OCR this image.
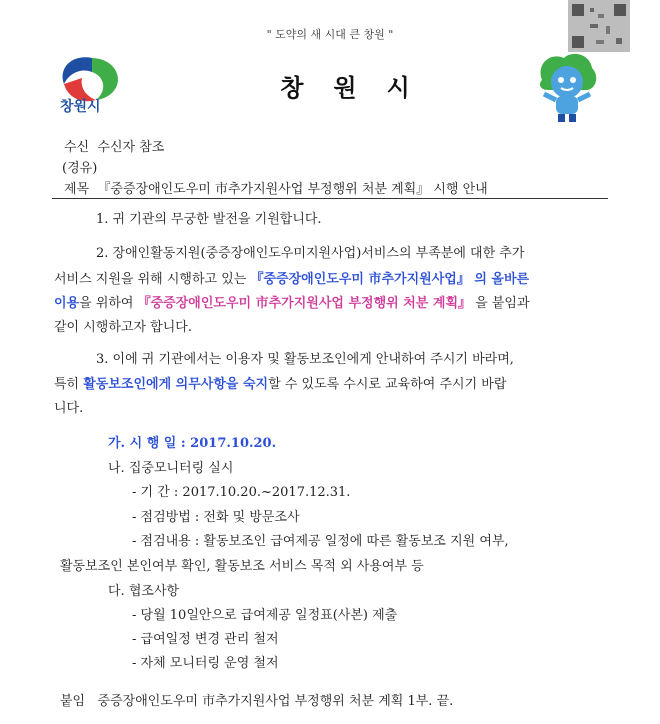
" 도약의 새 시대 큰 창원 "
창원시
창원시
수신 수신자 참조
(경유)
제목 『중증장애인도우미 市추가지원사업 부정행위 처분 계획』 시행 안내
1. 귀 기관의 무궁한 발전을 기원합니다.
2. 장애인활동지원(중증장애인도우미지원사업)서비스의 부족분에 대한 추가
서비스 지원을 위해 시행하고 있는 『중증장애인도우미 市추가지원사업』 의 올바른
이용을 위하여 『중증장애인도우미 市추가지원사업 부정행위 처분 계획』 을 붙임과
같이 시행하고자 합니다.
3. 이에 귀 기관에서는 이용자 및 활동보조인에게 안내하여 주시기 바라며,
특히 활동보조인에게 의무사항을 숙지할 수 있도록 수시로 교육하여 주시기 바랍
니다.
가. 시 행 일 : 2017.10.20.
나. 집중모니터링 실시
- 기 간 : 2017.10.20.~2017.12.31.
- 점검방법 : 전화 및 방문조사
- 점검내용 : 활동보조인 급여제공 일정에 따른 활동보조 지원 여부,
활동보조인 본인여부 확인, 활동보조 서비스 목적 외 사용여부 등
다. 협조사항
- 당월 10일안으로 급여제공 일정표(사본) 제출
- 급여일정 변경 관리 철저
- 자체 모니터링 운영 철저
붙임 중증장애인도우미 市추가지원사업 부정행위 처분 계획 1부. 끝.
